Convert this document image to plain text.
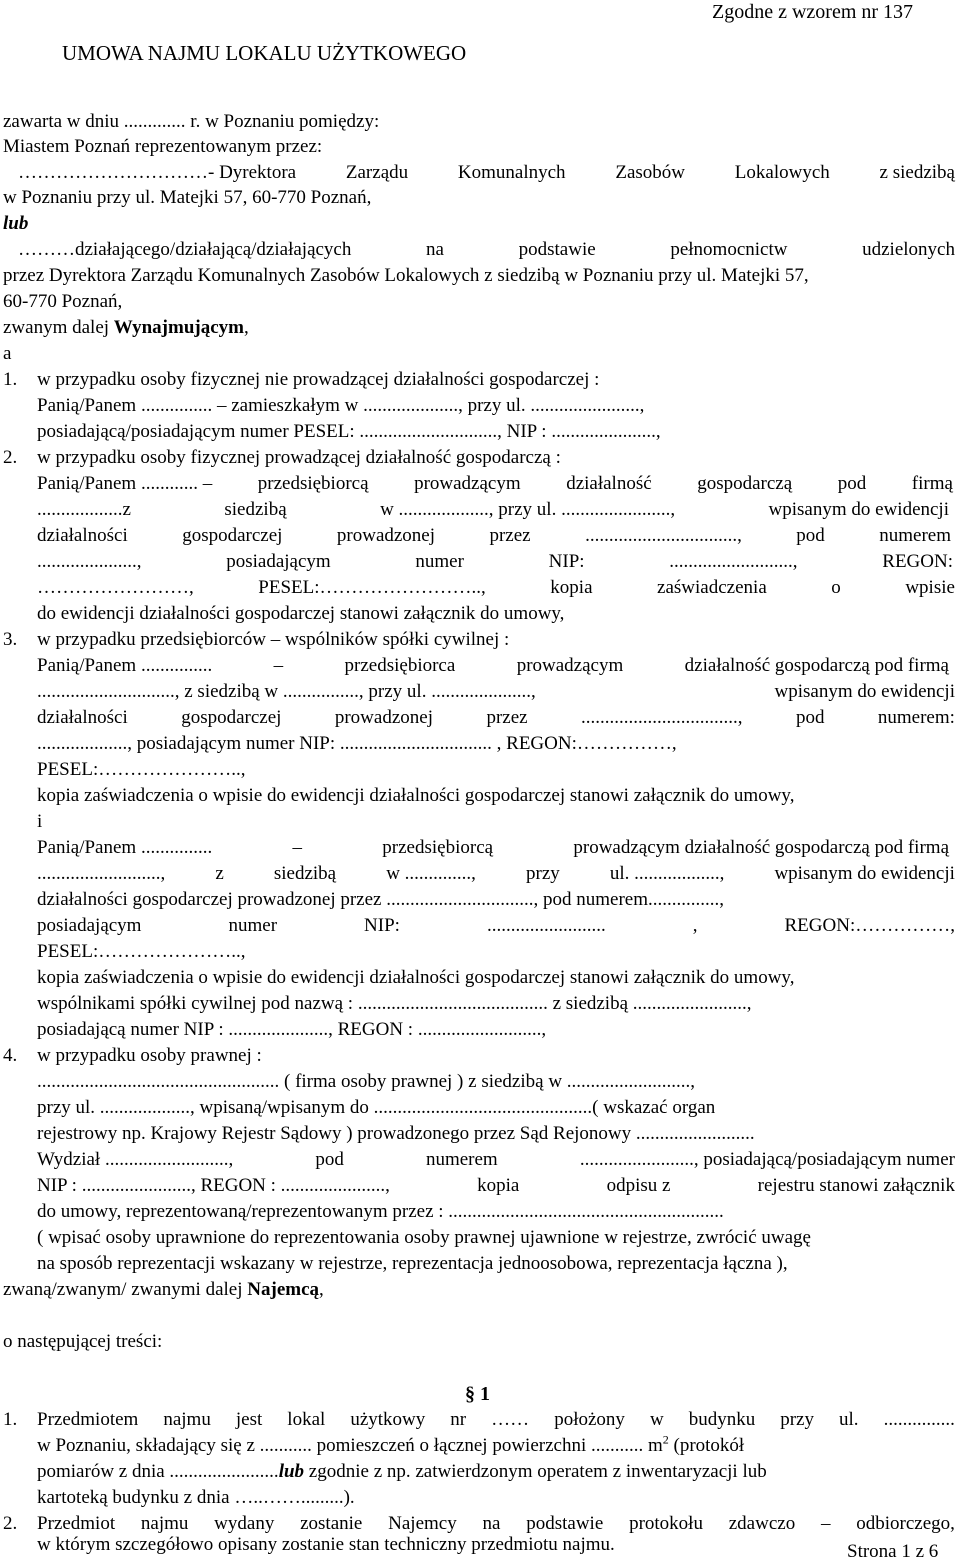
Zgodne z wzorem nr 137
UMOWA NAJMU LOKALU UŻYTKOWEGO
zawarta w dniu ............. r. w Poznaniu pomiędzy:
Miastem Poznań reprezentowanym przez:
…………………………- Dyrektora	Zarządu	Komunalnych	Zasobów	Lokalowych	z siedzibą
w Poznaniu przy ul. Matejki 57, 60-770 Poznań,
lub
………działającego/działającą/działających	na	podstawie	pełnomocnictw	udzielonych
przez Dyrektora Zarządu Komunalnych Zasobów Lokalowych z siedzibą w Poznaniu przy ul. Matejki 57,
60-770 Poznań,
zwanym dalej Wynajmującym,
a
1. w przypadku osoby fizycznej nie prowadzącej działalności gospodarczej :
Panią/Panem ............... – zamieszkałym w ...................., przy ul. .......................,
posiadającą/posiadającym numer PESEL: ............................., NIP : ......................,
2. w przypadku osoby fizycznej prowadzącej działalność gospodarczą :
Panią/Panem ............ – przedsiębiorcą prowadzącym działalność gospodarczą pod firmą
..................z	siedzibą	w ..................., przy ul. .......................,	wpisanym do ewidencji
działalności	gospodarczej	prowadzonej	przez	................................,	pod	numerem
.....................,	posiadającym	numer	NIP:	..........................,	REGON:
……………………,	PESEL:……………………..,	kopia	zaświadczenia	o	wpisie
do ewidencji działalności gospodarczej stanowi załącznik do umowy,
3. w przypadku przedsiębiorców – wspólników spółki cywilnej :
Panią/Panem ...............	–	przedsiębiorca	prowadzącym	działalność gospodarczą pod firmą
............................., z siedzibą w ................, przy ul. .....................,	wpisanym do ewidencji
działalności	gospodarczej	prowadzonej	przez	.................................,	pod	numerem:
..................., posiadającym numer NIP: ................................ , REGON:……………,
PESEL:…………………..,
kopia zaświadczenia o wpisie do ewidencji działalności gospodarczej stanowi załącznik do umowy,
i
Panią/Panem ...............	–	przedsiębiorcą	prowadzącym działalność gospodarczą pod firmą
..........................,	z	siedzibą	w ..............,	przy	ul. ..................,	wpisanym do ewidencji
działalności gospodarczej prowadzonej przez ..............................., pod numerem...............,
posiadającym	numer	NIP:	.........................	,	REGON:……………,
PESEL:…………………..,
kopia zaświadczenia o wpisie do ewidencji działalności gospodarczej stanowi załącznik do umowy,
wspólnikami spółki cywilnej pod nazwą : ........................................ z siedzibą ........................,
posiadającą numer NIP : ....................., REGON : ..........................,
4. w przypadku osoby prawnej :
................................................... ( firma osoby prawnej ) z siedzibą w ..........................,
przy ul. ..................., wpisaną/wpisanym do ..............................................( wskazać organ
rejestrowy np. Krajowy Rejestr Sądowy ) prowadzonego przez Sąd Rejonowy .........................
Wydział ..........................,	pod	numerem	........................, posiadającą/posiadającym numer
NIP : ......................., REGON : ......................,	kopia	odpisu z	rejestru stanowi załącznik
do umowy, reprezentowaną/reprezentowanym przez : ..........................................................
( wpisać osoby uprawnione do reprezentowania osoby prawnej ujawnione w rejestrze, zwrócić uwagę
na sposób reprezentacji wskazany w rejestrze, reprezentacja jednoosobowa, reprezentacja łączna ),
zwaną/zwanym/ zwanymi dalej Najemcą,
o następującej treści:
§ 1
1. Przedmiotem najmu jest lokal użytkowy nr …… położony w budynku przy ul. ...............
w Poznaniu, składający się z ........... pomieszczeń o łącznej powierzchni ........... $m^2$ (protokół
pomiarów z dnia .......................lub zgodnie z np. zatwierdzonym operatem z inwentaryzacji lub
kartoteką budynku z dnia …..…….........).
2. Przedmiot najmu wydany zostanie Najemcy na podstawie protokołu zdawczo – odbiorczego,
w którym szczegółowo opisany zostanie stan techniczny przedmiotu najmu.	Strona 1 z 6
